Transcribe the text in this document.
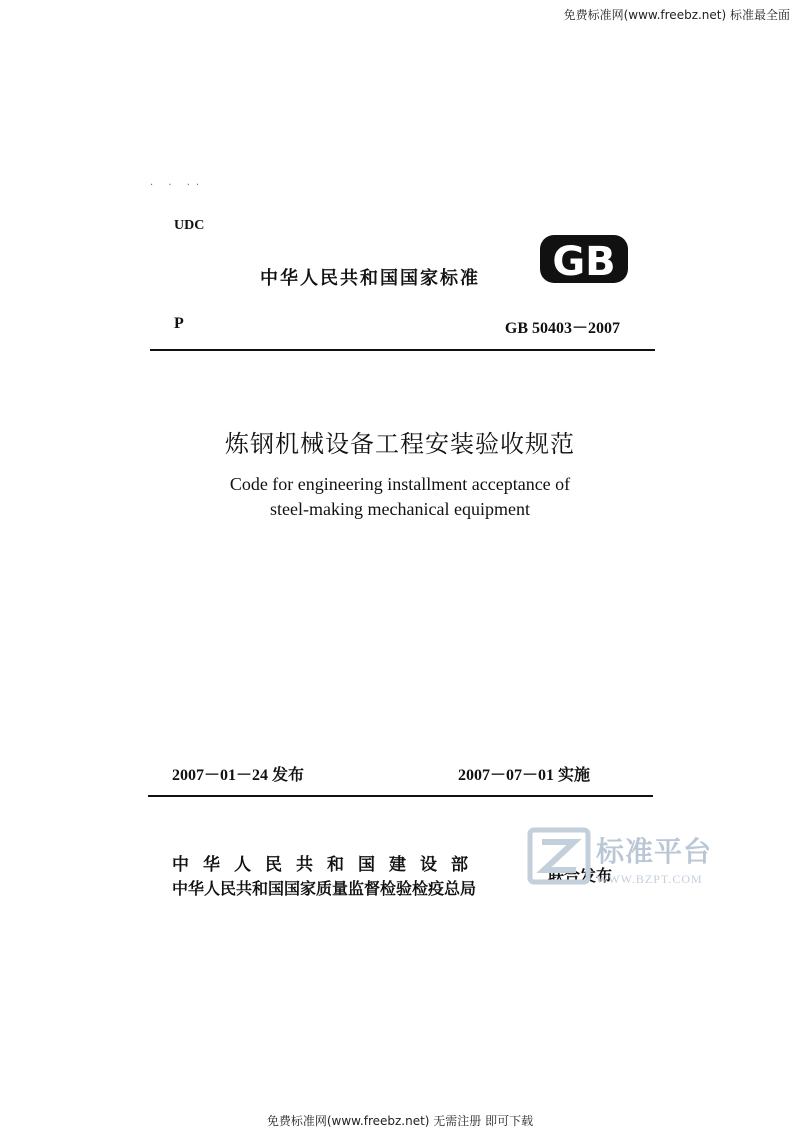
免费标准网(www.freebz.net) 标准最全面
· · ··
UDC
中华人民共和国国家标准 GB
P	GB 50403－2007
炼钢机械设备工程安装验收规范
Code for engineering installment acceptance of
steel-making mechanical equipment
2007－01－24 发布	2007－07－01 实施
中华人民共和国建设部
中华人民共和国国家质量监督检验检疫总局
联合发布
标准平台
WWW.BZPT.COM
免费标准网(www.freebz.net) 无需注册 即可下载
